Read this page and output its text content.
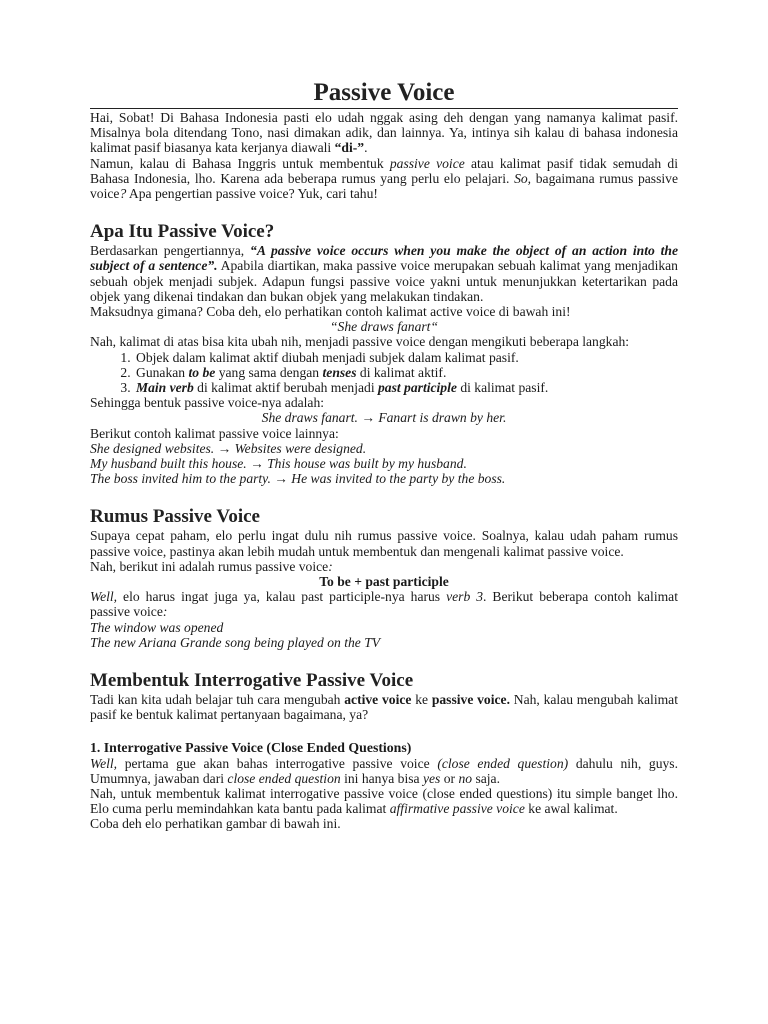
Passive Voice

Hai, Sobat! Di Bahasa Indonesia pasti elo udah nggak asing deh dengan yang namanya kalimat pasif. Misalnya bola ditendang Tono, nasi dimakan adik, dan lainnya. Ya, intinya sih kalau di bahasa indonesia kalimat pasif biasanya kata kerjanya diawali “di-”.

Namun, kalau di Bahasa Inggris untuk membentuk passive voice atau kalimat pasif tidak semudah di Bahasa Indonesia, lho. Karena ada beberapa rumus yang perlu elo pelajari. So, bagaimana rumus passive voice? Apa pengertian passive voice? Yuk, cari tahu!

Apa Itu Passive Voice?

Berdasarkan pengertiannya, “A passive voice occurs when you make the object of an action into the subject of a sentence”. Apabila diartikan, maka passive voice merupakan sebuah kalimat yang menjadikan sebuah objek menjadi subjek. Adapun fungsi passive voice yakni untuk menunjukkan ketertarikan pada objek yang dikenai tindakan dan bukan objek yang melakukan tindakan.

Maksudnya gimana? Coba deh, elo perhatikan contoh kalimat active voice di bawah ini!

“She draws fanart“

Nah, kalimat di atas bisa kita ubah nih, menjadi passive voice dengan mengikuti beberapa langkah:

1. Objek dalam kalimat aktif diubah menjadi subjek dalam kalimat pasif.
2. Gunakan to be yang sama dengan tenses di kalimat aktif.
3. Main verb di kalimat aktif berubah menjadi past participle di kalimat pasif.

Sehingga bentuk passive voice-nya adalah:

She draws fanart. → Fanart is drawn by her.

Berikut contoh kalimat passive voice lainnya:

She designed websites. → Websites were designed.

My husband built this house. → This house was built by my husband.

The boss invited him to the party. → He was invited to the party by the boss.

Rumus Passive Voice

Supaya cepat paham, elo perlu ingat dulu nih rumus passive voice. Soalnya, kalau udah paham rumus passive voice, pastinya akan lebih mudah untuk membentuk dan mengenali kalimat passive voice.

Nah, berikut ini adalah rumus passive voice:

To be + past participle

Well, elo harus ingat juga ya, kalau past participle-nya harus verb 3. Berikut beberapa contoh kalimat passive voice:

The window was opened

The new Ariana Grande song being played on the TV

Membentuk Interrogative Passive Voice

Tadi kan kita udah belajar tuh cara mengubah active voice ke passive voice. Nah, kalau mengubah kalimat pasif ke bentuk kalimat pertanyaan bagaimana, ya?

1. Interrogative Passive Voice (Close Ended Questions)

Well, pertama gue akan bahas interrogative passive voice (close ended question) dahulu nih, guys. Umumnya, jawaban dari close ended question ini hanya bisa yes or no saja.

Nah, untuk membentuk kalimat interrogative passive voice (close ended questions) itu simple banget lho. Elo cuma perlu memindahkan kata bantu pada kalimat affirmative passive voice ke awal kalimat.

Coba deh elo perhatikan gambar di bawah ini.
